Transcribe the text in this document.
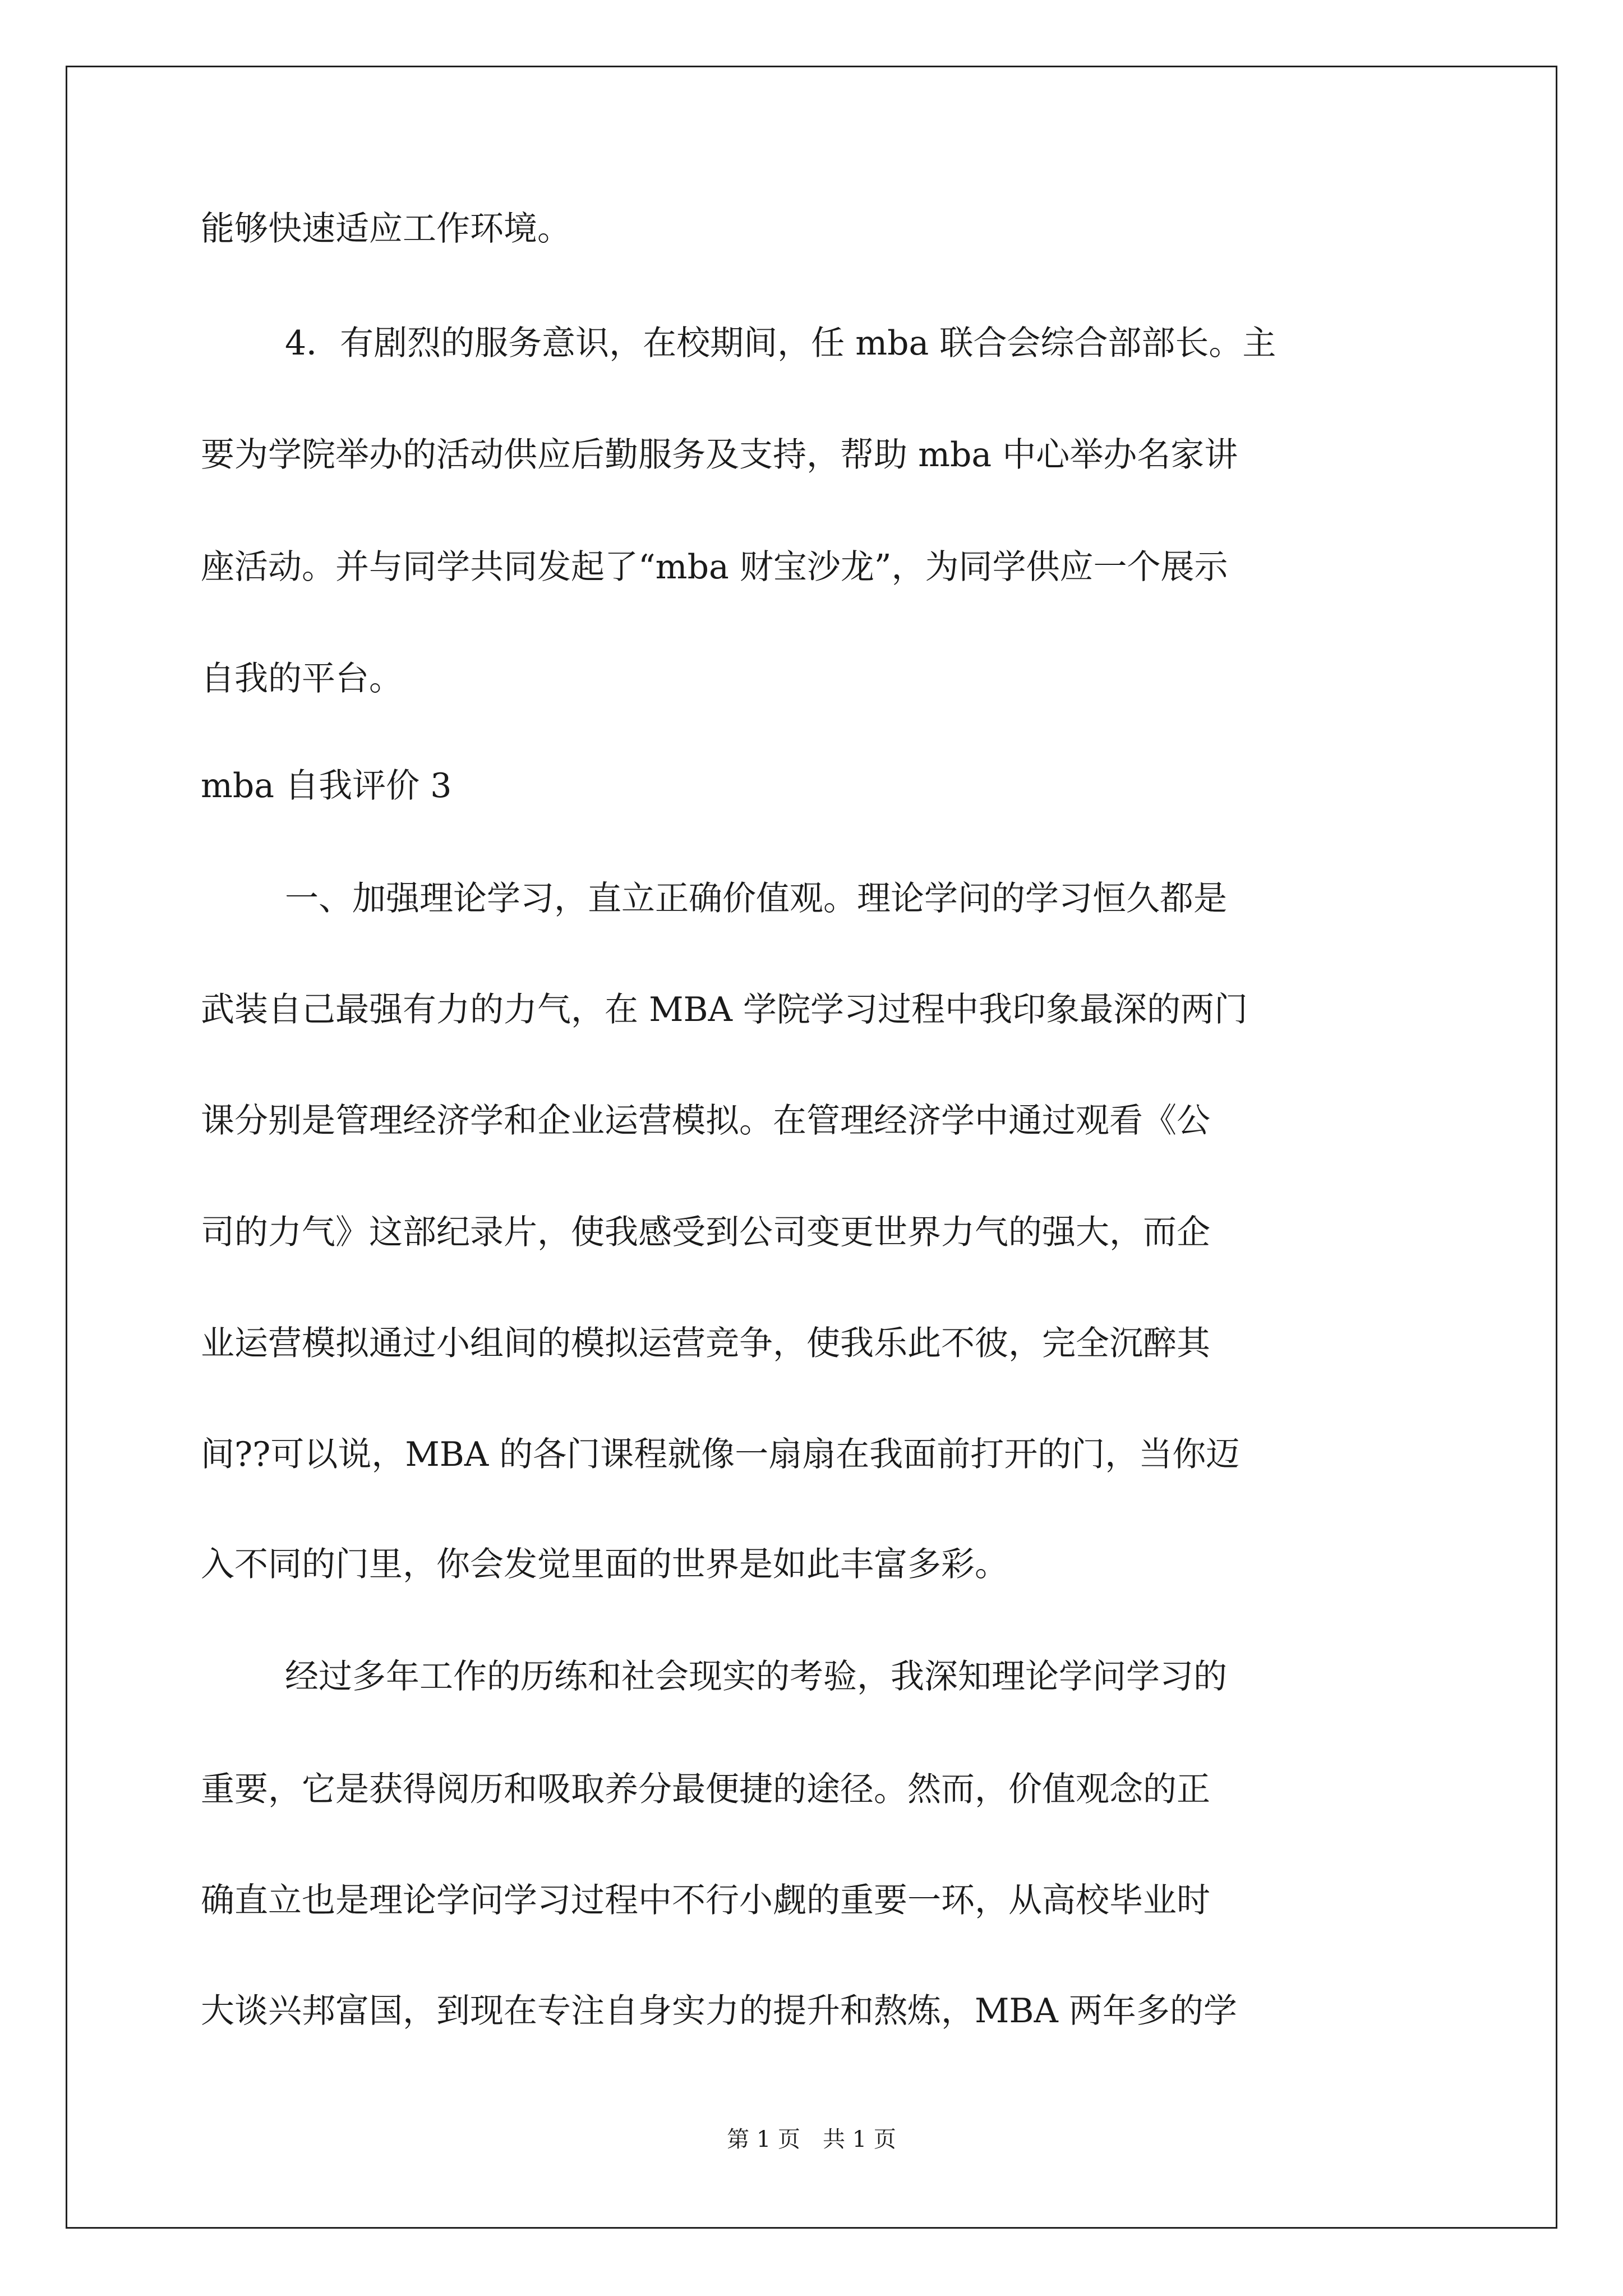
能够快速适应工作环境。
4．有剧烈的服务意识，在校期间，任 mba 联合会综合部部长。主
要为学院举办的活动供应后勤服务及支持，帮助 mba 中心举办名家讲
座活动。并与同学共同发起了“mba 财宝沙龙”，为同学供应一个展示
自我的平台。
mba 自我评价 3
一、加强理论学习，直立正确价值观。理论学问的学习恒久都是
武装自己最强有力的力气，在 MBA 学院学习过程中我印象最深的两门
课分别是管理经济学和企业运营模拟。在管理经济学中通过观看《公
司的力气》这部纪录片，使我感受到公司变更世界力气的强大，而企
业运营模拟通过小组间的模拟运营竞争，使我乐此不彼，完全沉醉其
间??可以说，MBA 的各门课程就像一扇扇在我面前打开的门，当你迈
入不同的门里，你会发觉里面的世界是如此丰富多彩。
经过多年工作的历练和社会现实的考验，我深知理论学问学习的
重要，它是获得阅历和吸取养分最便捷的途径。然而，价值观念的正
确直立也是理论学问学习过程中不行小觑的重要一环，从高校毕业时
大谈兴邦富国，到现在专注自身实力的提升和熬炼，MBA 两年多的学
第 1 页　共 1 页
